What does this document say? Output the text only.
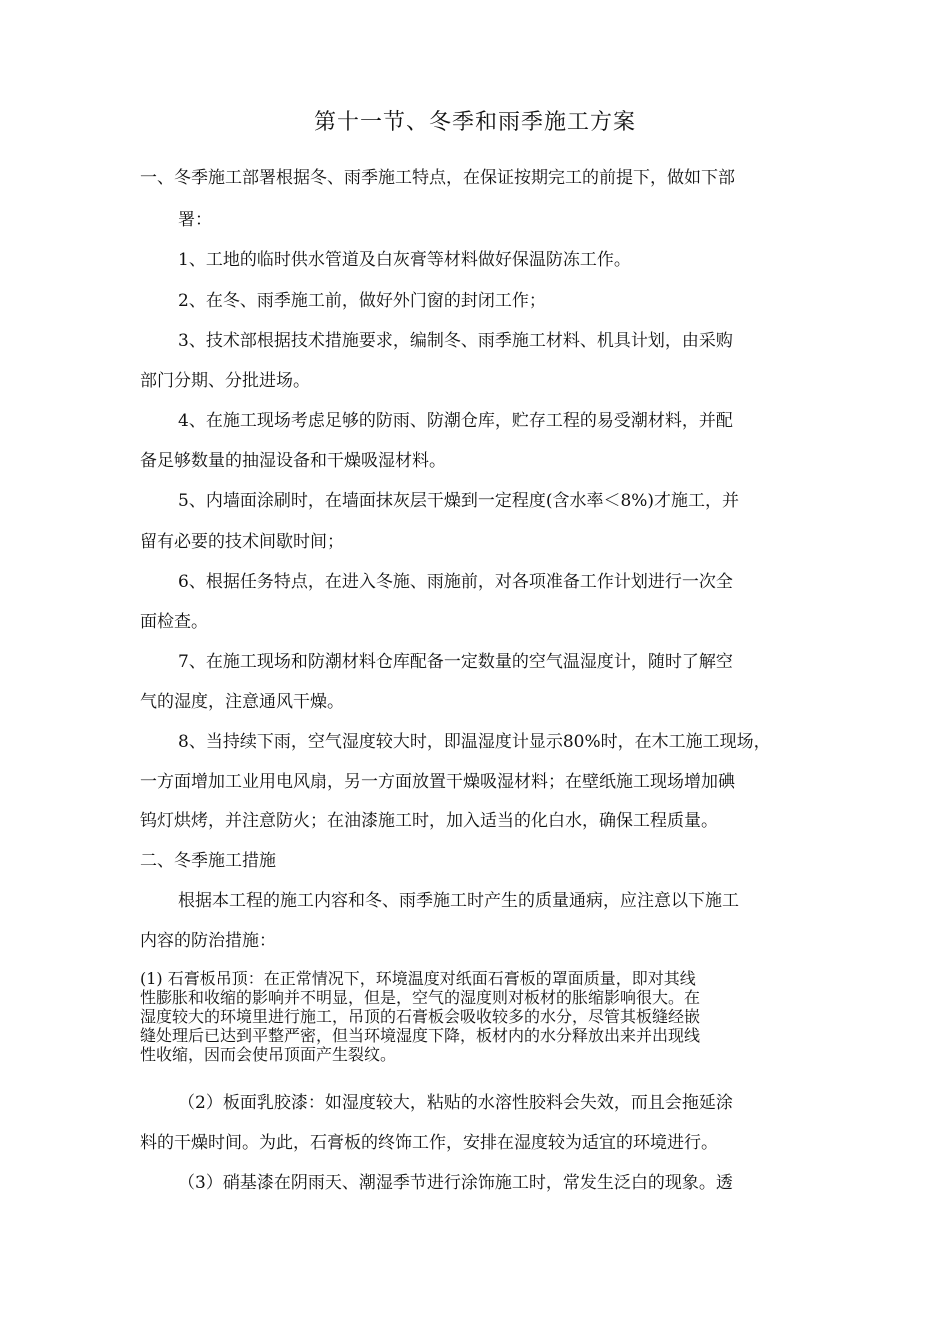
第十一节、冬季和雨季施工方案
一、冬季施工部署根据冬、雨季施工特点，在保证按期完工的前提下，做如下部
署：
1、工地的临时供水管道及白灰膏等材料做好保温防冻工作。
2、在冬、雨季施工前，做好外门窗的封闭工作；
3、技术部根据技术措施要求，编制冬、雨季施工材料、机具计划，由采购
部门分期、分批进场。
4、在施工现场考虑足够的防雨、防潮仓库，贮存工程的易受潮材料，并配
备足够数量的抽湿设备和干燥吸湿材料。
5、内墙面涂刷时，在墙面抹灰层干燥到一定程度(含水率＜8%)才施工，并
留有必要的技术间歇时间；
6、根据任务特点，在进入冬施、雨施前，对各项准备工作计划进行一次全
面检查。
7、在施工现场和防潮材料仓库配备一定数量的空气温湿度计，随时了解空
气的湿度，注意通风干燥。
8、当持续下雨，空气湿度较大时，即温湿度计显示80%时，在木工施工现场，
一方面增加工业用电风扇，另一方面放置干燥吸湿材料；在壁纸施工现场增加碘
钨灯烘烤，并注意防火；在油漆施工时，加入适当的化白水，确保工程质量。
二、冬季施工措施
根据本工程的施工内容和冬、雨季施工时产生的质量通病，应注意以下施工
内容的防治措施：
(1) 石膏板吊顶：在正常情况下，环境温度对纸面石膏板的罩面质量，即对其线
性膨胀和收缩的影响并不明显，但是，空气的湿度则对板材的胀缩影响很大。在
湿度较大的环境里进行施工，吊顶的石膏板会吸收较多的水分，尽管其板缝经嵌
缝处理后已达到平整严密，但当环境湿度下降，板材内的水分释放出来并出现线
性收缩，因而会使吊顶面产生裂纹。
（2）板面乳胶漆：如湿度较大，粘贴的水溶性胶料会失效，而且会拖延涂
料的干燥时间。为此，石膏板的终饰工作，安排在湿度较为适宜的环境进行。
（3）硝基漆在阴雨天、潮湿季节进行涂饰施工时，常发生泛白的现象。透
